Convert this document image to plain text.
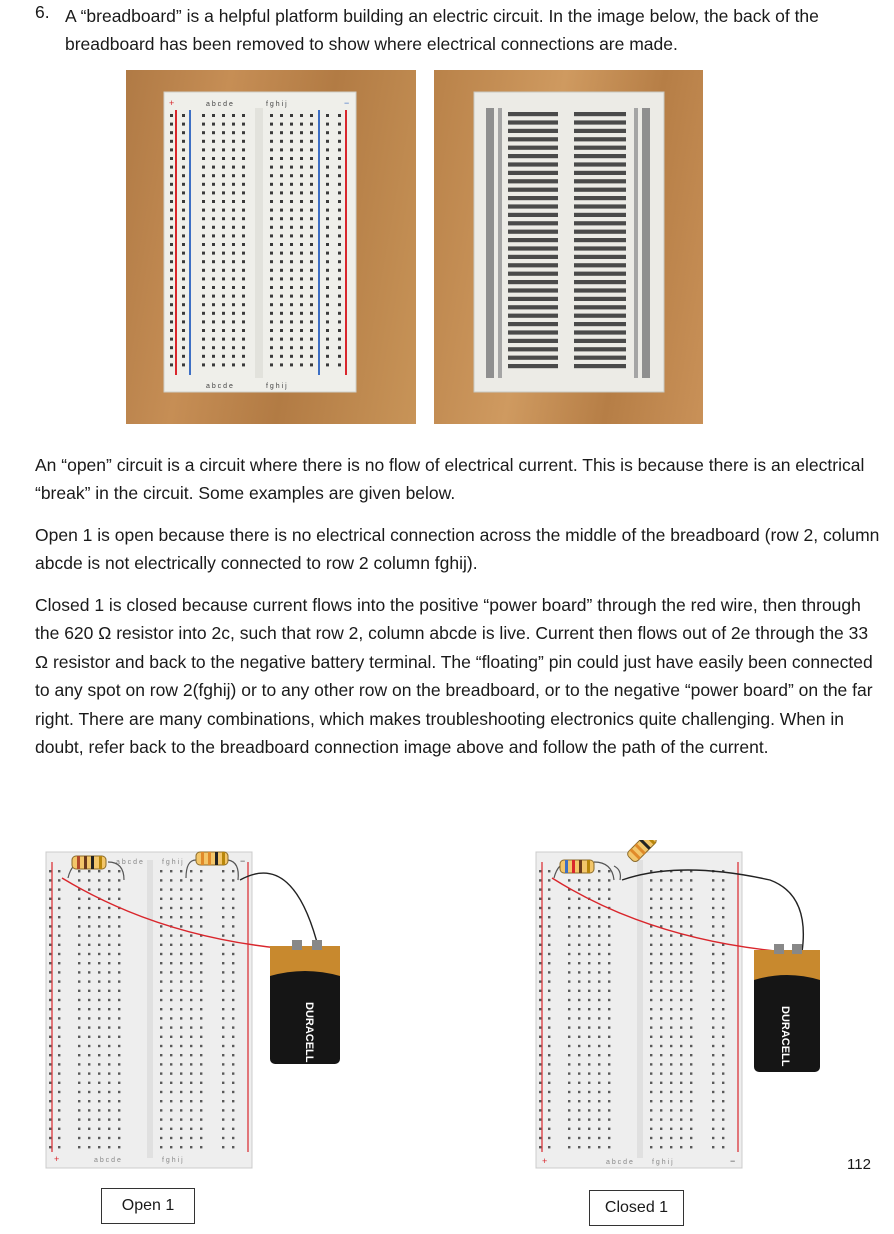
6. A “breadboard” is a helpful platform building an electric circuit. In the image below, the back of the breadboard has been removed to show where electrical connections are made.
a b c d e	f g h i j
a b c d e	f g h i j
+	−

An “open” circuit is a circuit where there is no flow of electrical current. This is because there is an electrical “break” in the circuit. Some examples are given below.

Open 1 is open because there is no electrical connection across the middle of the breadboard (row 2, column abcde is not electrically connected to row 2 column fghij).

Closed 1 is closed because current flows into the positive “power board” through the red wire, then through the 620 Ω resistor into 2c, such that row 2, column abcde is live. Current then flows out of 2e through the 33 Ω resistor and back to the negative battery terminal. The “floating” pin could just have easily been connected to any spot on row 2(fghij) or to any other row on the breadboard, or to the negative “power board” on the far right. There are many combinations, which makes troubleshooting electronics quite challenging. When in doubt, refer back to the breadboard connection image above and follow the path of the current.

a b c d e	f g h i j
a b c d e	f g h i j
+
−
DURACELL
a b c d e	f g h i j
+	−
DURACELL
Open 1	Closed 1
112
